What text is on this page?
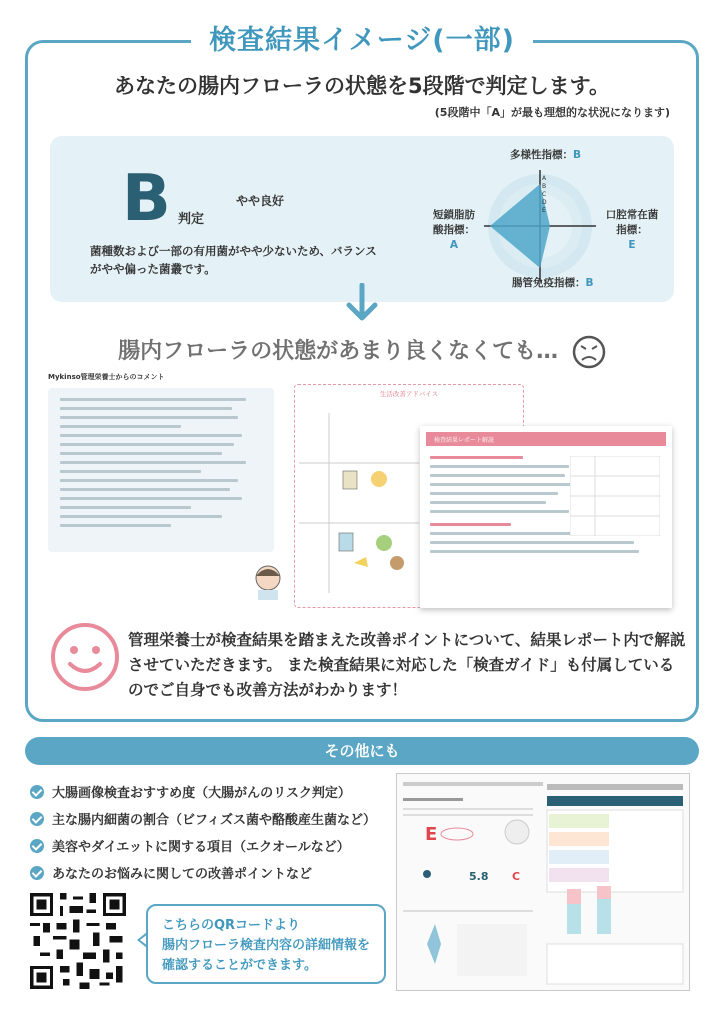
検査結果イメージ(一部)
あなたの腸内フローラの状態を5段階で判定します。
(5段階中「A」が最も理想的な状況になります)
B 判定
やや良好
菌種数および一部の有用菌がやや少ないため、バランスがやや偏った菌叢です。
A
B
C
D
E
多様性指標：B
口腔常在菌指標：
E
腸管免疫指標：B
短鎖脂肪酸指標：
A
腸内フローラの状態があまり良くなくても…
Mykinso管理栄養士からのコメント
生活改善アドバイス
検査結果レポート解説
管理栄養士が検査結果を踏まえた改善ポイントについて、結果レポート内で解説させていただきます。 また検査結果に対応した「検査ガイド」も付属しているのでご自身でも改善方法がわかります！
その他にも
大腸画像検査おすすめ度（大腸がんのリスク判定）
主な腸内細菌の割合（ビフィズス菌や酪酸産生菌など）
美容やダイエットに関する項目（エクオールなど）
あなたのお悩みに関しての改善ポイントなど
こちらのQRコードより
腸内フローラ検査内容の詳細情報を
確認することができます。
E
5.8 C
